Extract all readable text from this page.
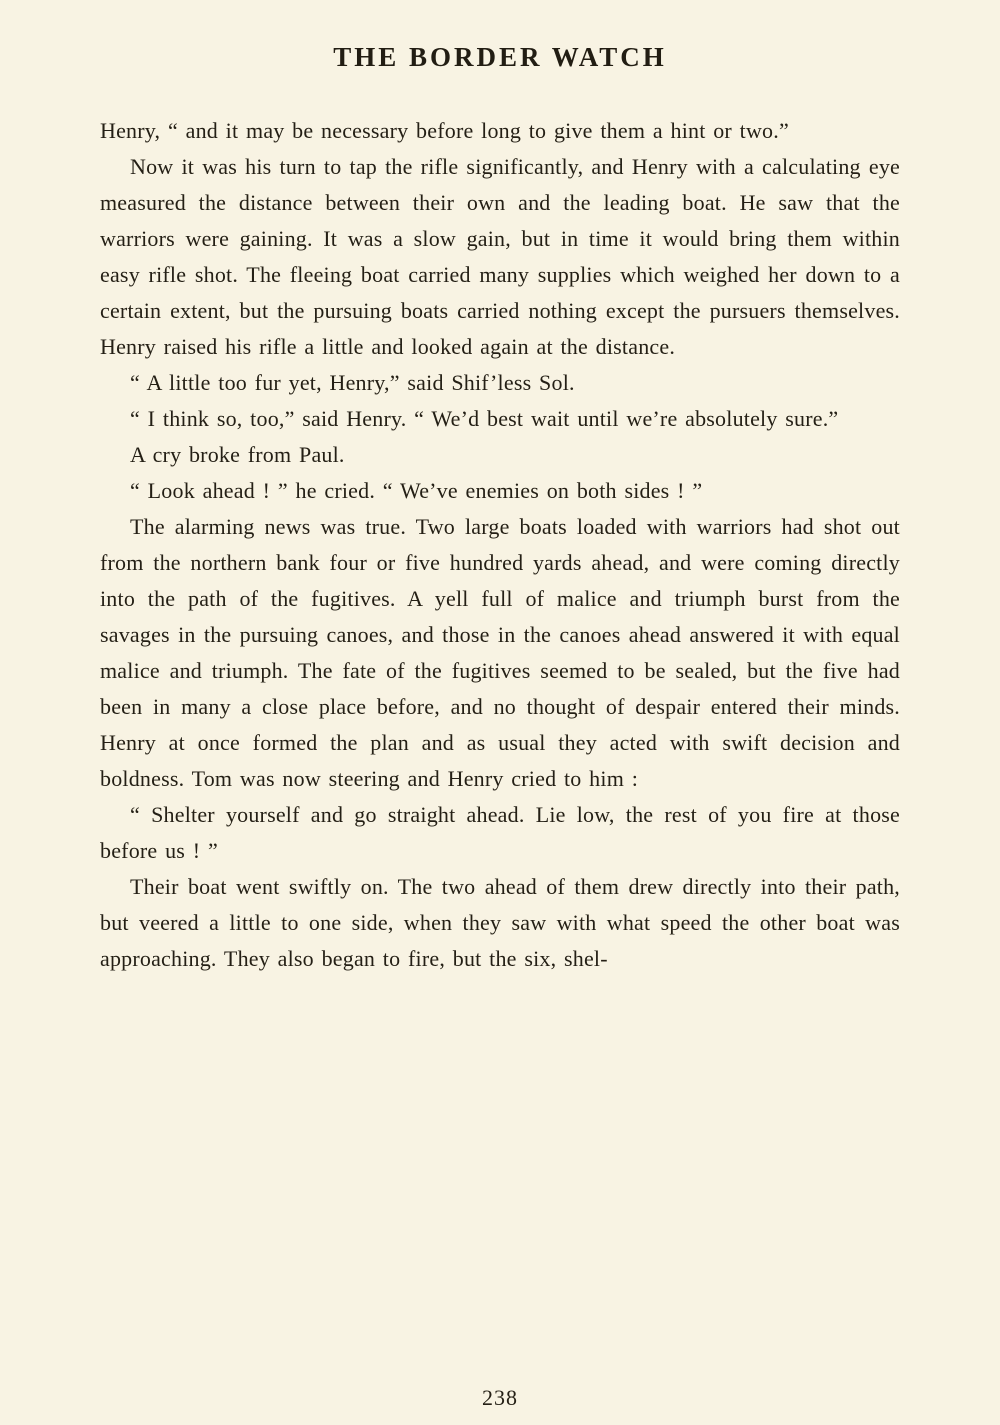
THE BORDER WATCH

Henry, “ and it may be necessary before long to give them a hint or two.”

Now it was his turn to tap the rifle significantly, and Henry with a calculating eye measured the distance between their own and the leading boat. He saw that the warriors were gaining. It was a slow gain, but in time it would bring them within easy rifle shot. The fleeing boat carried many supplies which weighed her down to a certain extent, but the pursuing boats carried nothing except the pursuers themselves. Henry raised his rifle a little and looked again at the distance.

“ A little too fur yet, Henry,” said Shif’less Sol.

“ I think so, too,” said Henry. “ We’d best wait until we’re absolutely sure.”

A cry broke from Paul.

“ Look ahead ! ” he cried. “ We’ve enemies on both sides ! ”

The alarming news was true. Two large boats loaded with warriors had shot out from the northern bank four or five hundred yards ahead, and were coming directly into the path of the fugitives. A yell full of malice and triumph burst from the savages in the pursuing canoes, and those in the canoes ahead answered it with equal malice and triumph. The fate of the fugitives seemed to be sealed, but the five had been in many a close place before, and no thought of despair entered their minds. Henry at once formed the plan and as usual they acted with swift decision and boldness. Tom was now steering and Henry cried to him :

“ Shelter yourself and go straight ahead. Lie low, the rest of you fire at those before us ! ”

Their boat went swiftly on. The two ahead of them drew directly into their path, but veered a little to one side, when they saw with what speed the other boat was approaching. They also began to fire, but the six, shel-

238
